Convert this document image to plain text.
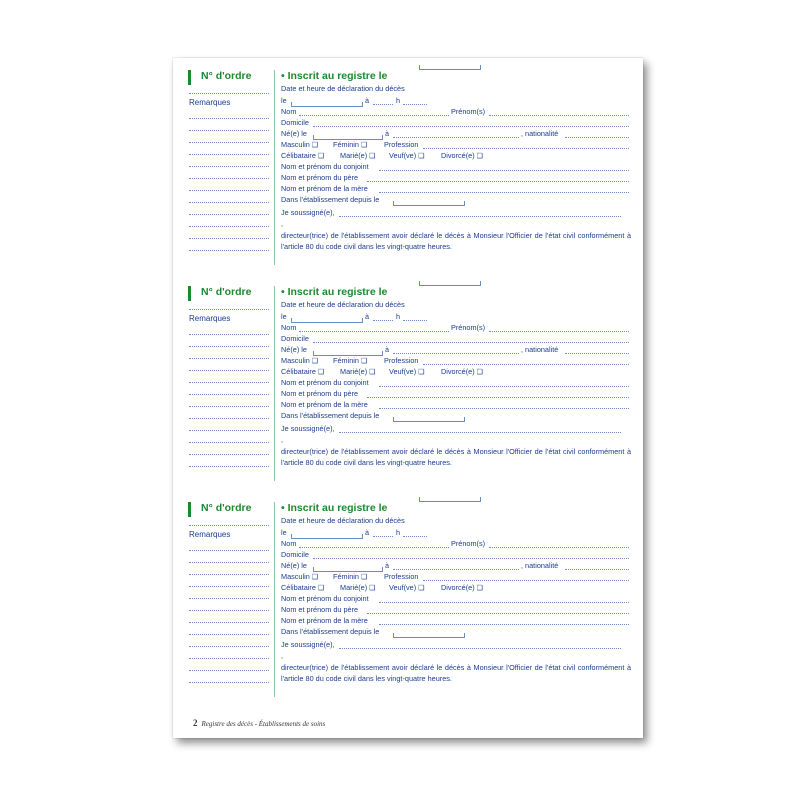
N° d'ordre
Remarques
• Inscrit au registre le
Date et heure de déclaration du décès
le	à	h
Nom	Prénom(s)
Domicile
Né(e) le	à	, nationalité
Masculin ❑ Féminin ❑ Profession
Célibataire ❑ Marié(e) ❑ Veuf(ve) ❑ Divorcé(e) ❑
Nom et prénom du conjoint
Nom et prénom du père
Nom et prénom de la mère
Dans l'établissement depuis le
Je soussigné(e),
,
directeur(trice) de l'établissement avoir déclaré le décès à Monsieur l'Officier de l'état civil conformément à l'article 80 du code civil dans les vingt-quatre heures.
N° d'ordre
Remarques
• Inscrit au registre le
Date et heure de déclaration du décès
le	à	h
Nom	Prénom(s)
Domicile
Né(e) le	à	, nationalité
Masculin ❑ Féminin ❑ Profession
Célibataire ❑ Marié(e) ❑ Veuf(ve) ❑ Divorcé(e) ❑
Nom et prénom du conjoint
Nom et prénom du père
Nom et prénom de la mère
Dans l'établissement depuis le
Je soussigné(e),
,
directeur(trice) de l'établissement avoir déclaré le décès à Monsieur l'Officier de l'état civil conformément à l'article 80 du code civil dans les vingt-quatre heures.
N° d'ordre
Remarques
• Inscrit au registre le
Date et heure de déclaration du décès
le	à	h
Nom	Prénom(s)
Domicile
Né(e) le	à	, nationalité
Masculin ❑ Féminin ❑ Profession
Célibataire ❑ Marié(e) ❑ Veuf(ve) ❑ Divorcé(e) ❑
Nom et prénom du conjoint
Nom et prénom du père
Nom et prénom de la mère
Dans l'établissement depuis le
Je soussigné(e),
,
directeur(trice) de l'établissement avoir déclaré le décès à Monsieur l'Officier de l'état civil conformément à l'article 80 du code civil dans les vingt-quatre heures.
2 Registre des décès - Établissements de soins
